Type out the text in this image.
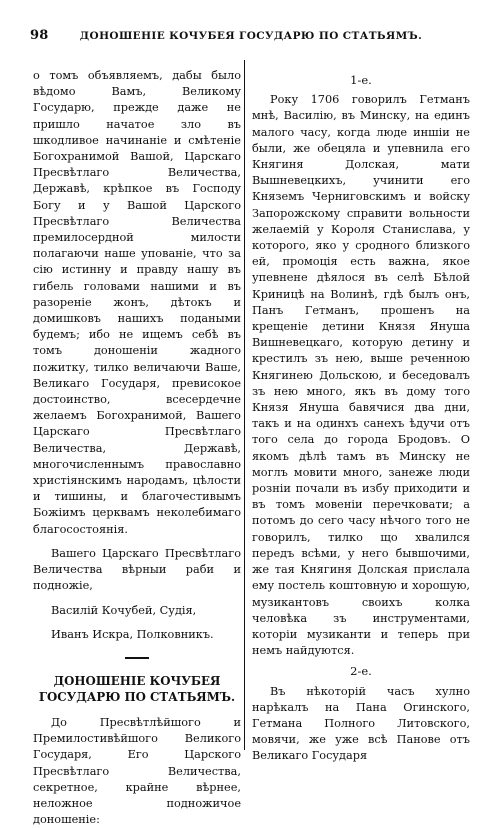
98	ДОНОШЕНІЕ КОЧУБЕЯ ГОСУДАРЮ ПО СТАТЬЯМЪ.

о томъ объявляемъ, дабы было вѣдомо Вамъ, Великому Государю, прежде даже не пришло начатое зло въ шкодливое начинаніе и смѣтеніе Богохранимой Вашой, Царскаго Пресвѣтлаго Величества, Державѣ, крѣпкое въ Господу Богу и у Вашой Царского Пресвѣтлаго Величества премилосердной милости полагаючи наше упованіе, что за сію истинну и правду нашу въ гибель головами нашими и въ разореніе жонъ, дѣтокъ и домишковъ нашихъ подаными будемъ; ибо не ищемъ себѣ въ томъ доношеніи жадного пожитку, тилко величаючи Ваше, Великаго Государя, превисокое достоинство, всесердечне желаемъ Богохранимой, Вашего Царскаго Пресвѣтлаго Величества, Державѣ, многочисленнымъ православно христіянскимъ народамъ, цѣлости и тишины, и благочестивымъ Божіимъ церквамъ неколебимаго благосостоянія.

Вашего Царскаго Пресвѣтлаго Величества вѣрныи раби и подножіе,

Василій Кочубей, Судія,

Иванъ Искра, Полковникъ.

ДОНОШЕНІЕ КОЧУБЕЯ ГОСУДАРЮ ПО СТАТЬЯМЪ.

До Пресвѣтлѣйшого и Премилостивѣйшого Великого Государя, Его Царского Пресвѣтлаго Величества, секретное, крайне вѣрнее, неложное подножичое доношеніе:

1-е.

Року 1706 говорилъ Гетманъ мнѣ, Василію, въ Минску, на единъ малого часу, когда люде иншіи не были, же обецяла и упевнила его Княгиня Долская, мати Вышневецкихъ, учинити его Княземъ Черниговскимъ и войску Запорожскому справити вольности желаемій у Короля Станислава, у которого, яко у сродного близкого ей, промоція есть важна, якое упевнене дѣялося въ селѣ Бѣлой Криницѣ на Волинѣ, гдѣ былъ онъ, Панъ Гетманъ, прошенъ на крещеніе детини Князя Януша Вишневецкаго, которую детину и крестилъ зъ нею, выше реченною Княгинею Дольскою, и беседовалъ зъ нею много, якъ въ дому того Князя Януша бавячися два дни, такъ и на одинхъ санехъ ѣдучи отъ того села до города Бродовъ. О якомъ дѣлѣ тамъ въ Минску не моглъ мовити много, занеже люди розніи почали въ избу приходити и въ томъ мовеніи перечковати; а потомъ до сего часу нѣчого того не говорилъ, тилко що хвалился передъ всѣми, у него бывшочими, же тая Княгиня Долская прислала ему постель коштовную и хорошую, музикантовъ своихъ колка человѣка зъ инструментами, которіи музиканти и теперь при немъ найдуются.

2-е.

Въ нѣкоторій часъ хулно нарѣкалъ на Пана Огинского, Гетмана Полного Литовского, мовячи, же уже всѣ Панове отъ Великаго Государя
